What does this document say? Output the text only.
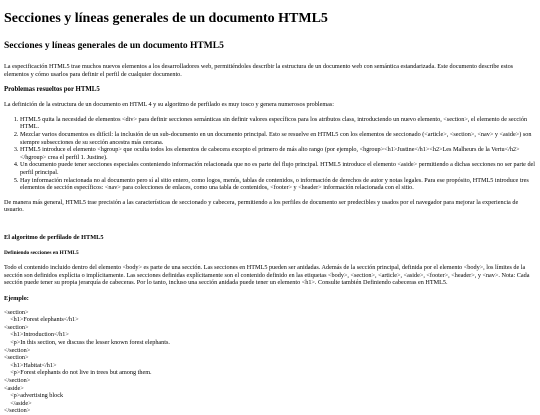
Secciones y líneas generales de un documento HTML5
Secciones y líneas generales de un documento HTML5

La especificación HTML5 trae muchos nuevos elementos a los desarrolladores web, permitiéndoles describir la estructura de un documento web con semántica estandarizada. Este documento describe estos elementos y cómo usarlos para definir el perfil de cualquier documento.

Problemas resueltos por HTML5

La definición de la estructura de un documento en HTML 4 y su algoritmo de perfilado es muy tosco y genera numerosos problemas:

1. HTML5 quita la necesidad de elementos <div> para definir secciones semánticas sin definir valores específicos para los atributos class, introduciendo un nuevo elemento, <section>, el elemento de sección HTML.
2. Mezclar varios documentos es difícil: la inclusión de un sub-documento en un documento principal. Esto se resuelve en HTML5 con los elementos de seccionado (<article>, <section>, <nav> y <aside>) son siempre subsecciones de su sección ancestra más cercana.
3. HTML5 introduce el elemento <hgroup> que oculta todos los elementos de cabecera excepto el primero de más alto rango (por ejemplo, <hgroup><h1>Justine</h1><h2>Les Malheurs de la Vertu</h2></hgroup> crea el perfil 1. Justine).
4. Un documento puede tener secciones especiales conteniendo información relacionada que no es parte del flujo principal. HTML5 introduce el elemento <aside> permitiendo a dichas secciones no ser parte del perfil principal.
5. Hay información relacionada no al documento pero sí al sitio entero, como logos, menús, tablas de contenidos, o información de derechos de autor y notas legales. Para ese propósito, HTML5 introduce tres elementos de sección específicos: <nav> para colecciones de enlaces, como una tabla de contenidos, <footer> y <header> información relacionada con el sitio.

De manera más general, HTML5 trae precisión a las características de seccionado y cabecera, permitiendo a los perfiles de documento ser predecibles y usados por el navegador para mejorar la experiencia de usuario.

El algoritmo de perfilado de HTML5
Definiendo secciones en HTML5

Todo el contenido incluido dentro del elemento <body> es parte de una sección. Las secciones en HTML5 pueden ser anidadas. Además de la sección principal, definida por el elemento <body>, los límites de la sección son definidos explícita o implícitamente. Las secciones definidas explícitamente son el contenido definido en las etiquetas <body>, <section>, <article>, <aside>, <footer>, <header>, y <nav>. Nota: Cada sección puede tener su propia jerarquía de cabeceras. Por lo tanto, incluso una sección anidada puede tener un elemento <h1>. Consulte también Definiendo cabeceras en HTML5.

Ejemplo:
<section>
<h1>Forest elephants</h1>
<section>
<h1>Introduction</h1>
<p>In this section, we discuss the lesser known forest elephants.
</section>
<section>
<h1>Habitat</h1>
<p>Forest elephants do not live in trees but among them.
</section>
<aside>
<p>advertising block
</aside>
</section>
